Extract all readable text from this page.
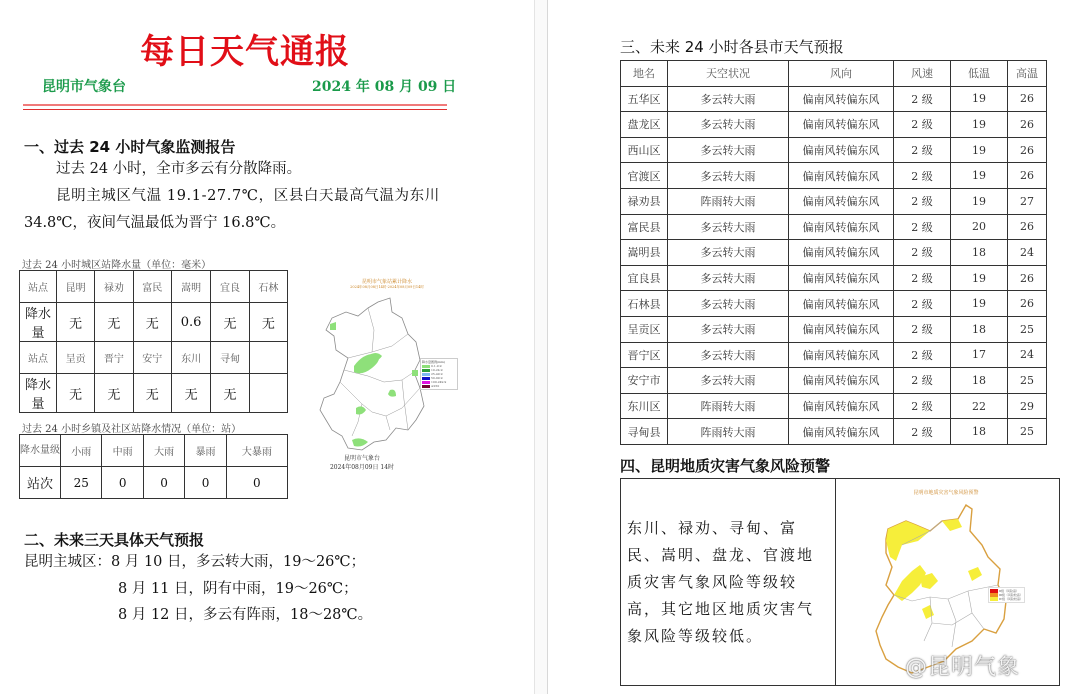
每日天气通报
昆明市气象台	2024 年 08 月 09 日
一、过去 24 小时气象监测报告
过去 24 小时，全市多云有分散降雨。
昆明主城区气温 19.1-27.7℃，区县白天最高气温为东川
34.8℃，夜间气温最低为晋宁 16.8℃。
过去 24 小时城区站降水量（单位：毫米）
站点	昆明	禄劝	富民	嵩明	宜良	石林
降水量	无	无	无	0.6	无	无
站点	呈贡	晋宁	安宁	东川	寻甸	
降水量	无	无	无	无	无	
过去 24 小时乡镇及社区站降水情况（单位：站）
降水量级	小雨	中雨	大雨	暴雨	大暴雨
站次	25	0	0	0	0
昆明市气象站累计降水
2024年08月08日14时-2024年08月09日14时
降水量图例(mm)
0.1-9.9
10-24.9
25-49.9
50-99.9
100-249.9
≥250
昆明市气象台
2024年08月09日 14时
二、未来三天具体天气预报
昆明主城区：8 月 10 日，多云转大雨，19～26℃；
8 月 11 日，阴有中雨，19～26℃；
8 月 12 日，多云有阵雨，18～28℃。
三、未来 24 小时各县市天气预报
地名	天空状况	风向	风速	低温	高温
五华区	多云转大雨	偏南风转偏东风	2 级	19	26
盘龙区	多云转大雨	偏南风转偏东风	2 级	19	26
西山区	多云转大雨	偏南风转偏东风	2 级	19	26
官渡区	多云转大雨	偏南风转偏东风	2 级	19	26
禄劝县	阵雨转大雨	偏南风转偏东风	2 级	19	27
富民县	多云转大雨	偏南风转偏东风	2 级	20	26
嵩明县	多云转大雨	偏南风转偏东风	2 级	18	24
宜良县	多云转大雨	偏南风转偏东风	2 级	19	26
石林县	多云转大雨	偏南风转偏东风	2 级	19	26
呈贡区	多云转大雨	偏南风转偏东风	2 级	18	25
晋宁区	多云转大雨	偏南风转偏东风	2 级	17	24
安宁市	多云转大雨	偏南风转偏东风	2 级	18	25
东川区	阵雨转大雨	偏南风转偏东风	2 级	22	29
寻甸县	阵雨转大雨	偏南风转偏东风	2 级	18	25
四、昆明地质灾害气象风险预警
东川、禄劝、寻甸、富民、嵩明、盘龙、官渡地质灾害气象风险等级较高，其它地区地质灾害气象风险等级较低。
昆明市地质灾害气象风险预警
Ⅱ级（风险高）
Ⅲ级（风险较高）
Ⅳ级（风险较高）
@昆明气象
